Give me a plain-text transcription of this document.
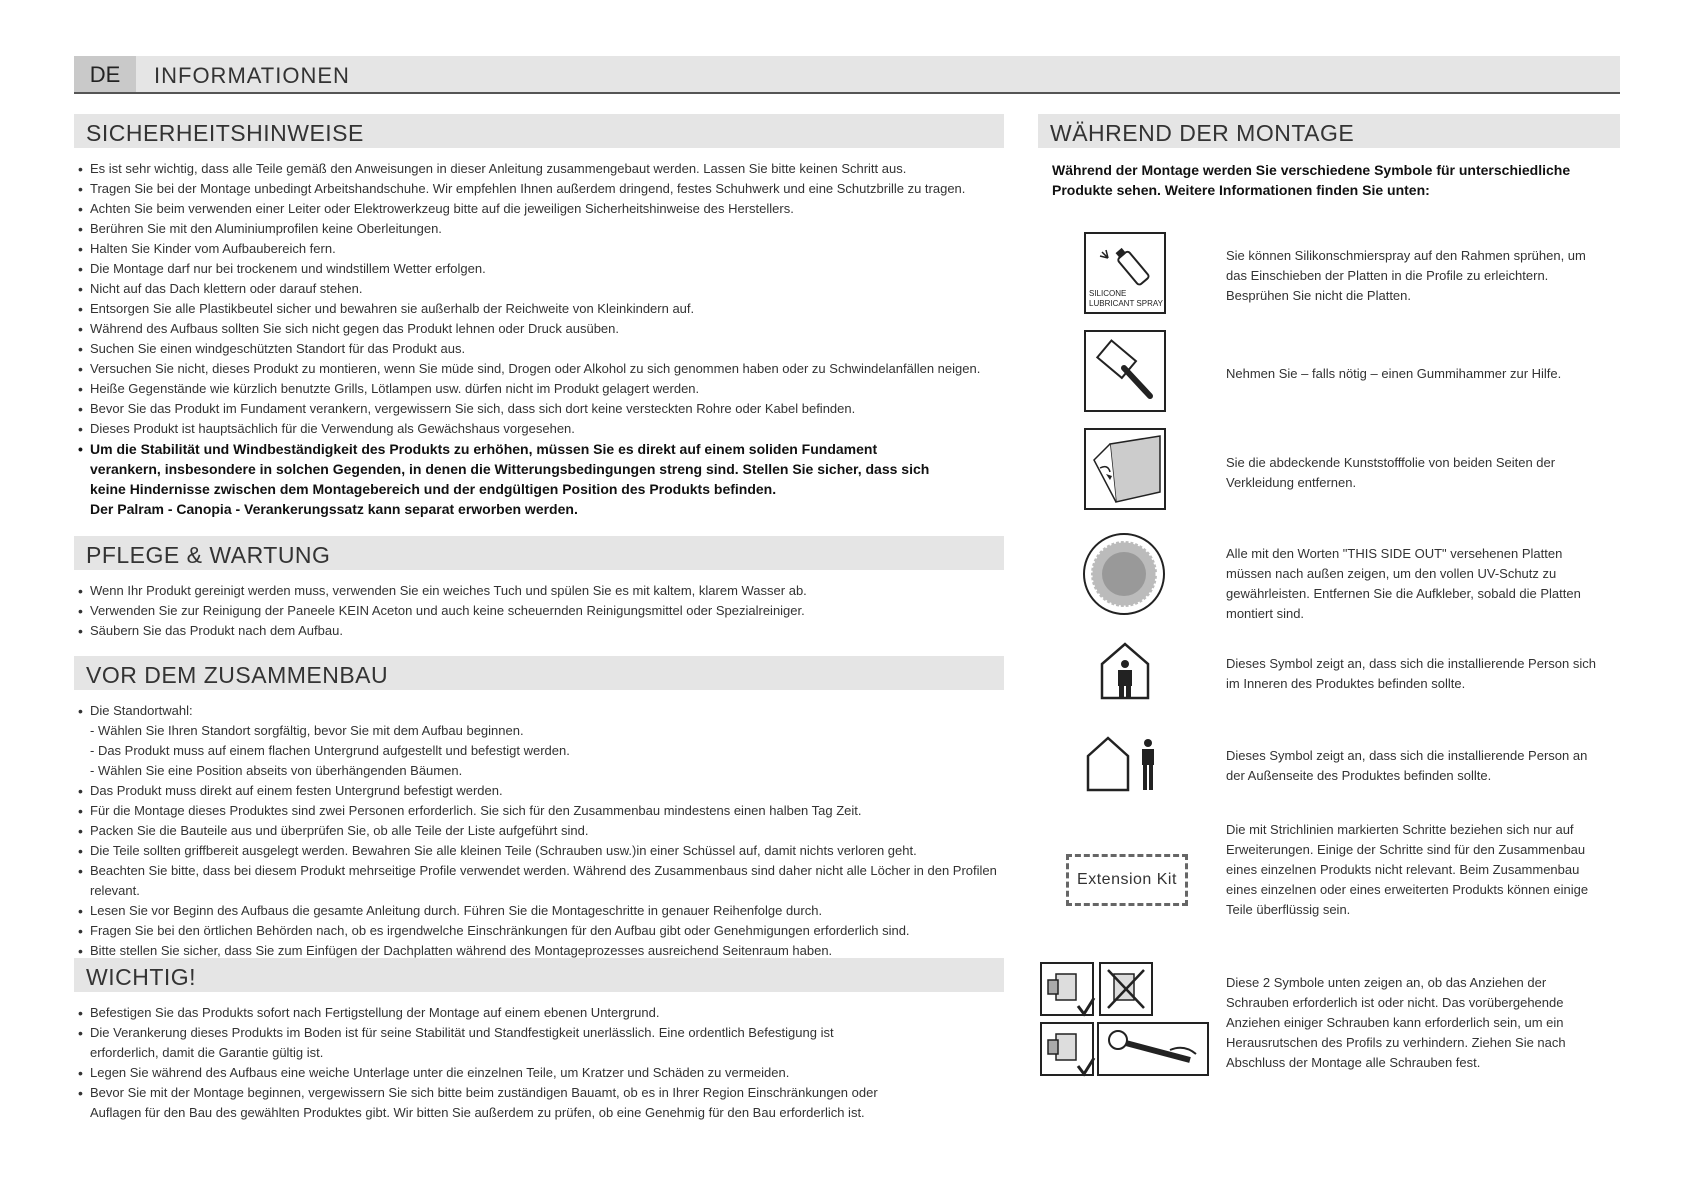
DE	INFORMATIONEN
SICHERHEITSHINWEISE
• Es ist sehr wichtig, dass alle Teile gemäß den Anweisungen in dieser Anleitung zusammengebaut werden. Lassen Sie bitte keinen Schritt aus.
• Tragen Sie bei der Montage unbedingt Arbeitshandschuhe. Wir empfehlen Ihnen außerdem dringend, festes Schuhwerk und eine Schutzbrille zu tragen.
• Achten Sie beim verwenden einer Leiter oder Elektrowerkzeug bitte auf die jeweiligen Sicherheitshinweise des Herstellers.
• Berühren Sie mit den Aluminiumprofilen keine Oberleitungen.
• Halten Sie Kinder vom Aufbaubereich fern.
• Die Montage darf nur bei trockenem und windstillem Wetter erfolgen.
• Nicht auf das Dach klettern oder darauf stehen.
• Entsorgen Sie alle Plastikbeutel sicher und bewahren sie außerhalb der Reichweite von Kleinkindern auf.
• Während des Aufbaus sollten Sie sich nicht gegen das Produkt lehnen oder Druck ausüben.
• Suchen Sie einen windgeschützten Standort für das Produkt aus.
• Versuchen Sie nicht, dieses Produkt zu montieren, wenn Sie müde sind, Drogen oder Alkohol zu sich genommen haben oder zu Schwindelanfällen neigen.
• Heiße Gegenstände wie kürzlich benutzte Grills, Lötlampen usw. dürfen nicht im Produkt gelagert werden.
• Bevor Sie das Produkt im Fundament verankern, vergewissern Sie sich, dass sich dort keine versteckten Rohre oder Kabel befinden.
• Dieses Produkt ist hauptsächlich für die Verwendung als Gewächshaus vorgesehen.
• Um die Stabilität und Windbeständigkeit des Produkts zu erhöhen, müssen Sie es direkt auf einem soliden Fundament verankern, insbesondere in solchen Gegenden, in denen die Witterungsbedingungen streng sind. Stellen Sie sicher, dass sich keine Hindernisse zwischen dem Montagebereich und der endgültigen Position des Produkts befinden.
Der Palram - Canopia - Verankerungssatz kann separat erworben werden.
PFLEGE & WARTUNG
• Wenn Ihr Produkt gereinigt werden muss, verwenden Sie ein weiches Tuch und spülen Sie es mit kaltem, klarem Wasser ab.
• Verwenden Sie zur Reinigung der Paneele KEIN Aceton und auch keine scheuernden Reinigungsmittel oder Spezialreiniger.
• Säubern Sie das Produkt nach dem Aufbau.
VOR DEM ZUSAMMENBAU
• Die Standortwahl:
- Wählen Sie Ihren Standort sorgfältig, bevor Sie mit dem Aufbau beginnen.
- Das Produkt muss auf einem flachen Untergrund aufgestellt und befestigt werden.
- Wählen Sie eine Position abseits von überhängenden Bäumen.
• Das Produkt muss direkt auf einem festen Untergrund befestigt werden.
• Für die Montage dieses Produktes sind zwei Personen erforderlich. Sie sich für den Zusammenbau mindestens einen halben Tag Zeit.
• Packen Sie die Bauteile aus und überprüfen Sie, ob alle Teile der Liste aufgeführt sind.
• Die Teile sollten griffbereit ausgelegt werden. Bewahren Sie alle kleinen Teile (Schrauben usw.)in einer Schüssel auf, damit nichts verloren geht.
• Beachten Sie bitte, dass bei diesem Produkt mehrseitige Profile verwendet werden. Während des Zusammenbaus sind daher nicht alle Löcher in den Profilen relevant.
• Lesen Sie vor Beginn des Aufbaus die gesamte Anleitung durch. Führen Sie die Montageschritte in genauer Reihenfolge durch.
• Fragen Sie bei den örtlichen Behörden nach, ob es irgendwelche Einschränkungen für den Aufbau gibt oder Genehmigungen erforderlich sind.
• Bitte stellen Sie sicher, dass Sie zum Einfügen der Dachplatten während des Montageprozesses ausreichend Seitenraum haben.
WICHTIG!
• Befestigen Sie das Produkts sofort nach Fertigstellung der Montage auf einem ebenen Untergrund.
• Die Verankerung dieses Produkts im Boden ist für seine Stabilität und Standfestigkeit unerlässlich. Eine ordentlich Befestigung ist erforderlich, damit die Garantie gültig ist.
• Legen Sie während des Aufbaus eine weiche Unterlage unter die einzelnen Teile, um Kratzer und Schäden zu vermeiden.
• Bevor Sie mit der Montage beginnen, vergewissern Sie sich bitte beim zuständigen Bauamt, ob es in Ihrer Region Einschränkungen oder Auflagen für den Bau des gewählten Produktes gibt. Wir bitten Sie außerdem zu prüfen, ob eine Genehmig für den Bau erforderlich ist.
WÄHREND DER MONTAGE
Während der Montage werden Sie verschiedene Symbole für unterschiedliche Produkte sehen. Weitere Informationen finden Sie unten:
SILICONE
LUBRICANT SPRAY
Sie können Silikonschmierspray auf den Rahmen sprühen, um das Einschieben der Platten in die Profile zu erleichtern. Besprühen Sie nicht die Platten.
Nehmen Sie – falls nötig – einen Gummihammer zur Hilfe.
Sie die abdeckende Kunststofffolie von beiden Seiten der Verkleidung entfernen.
Alle mit den Worten "THIS SIDE OUT" versehenen Platten müssen nach außen zeigen, um den vollen UV-Schutz zu gewährleisten. Entfernen Sie die Aufkleber, sobald die Platten montiert sind.
Dieses Symbol zeigt an, dass sich die installierende Person sich im Inneren des Produktes befinden sollte.
Dieses Symbol zeigt an, dass sich die installierende Person an der Außenseite des Produktes befinden sollte.
Extension Kit
Die mit Strichlinien markierten Schritte beziehen sich nur auf Erweiterungen. Einige der Schritte sind für den Zusammenbau eines einzelnen Produkts nicht relevant. Beim Zusammenbau eines einzelnen oder eines erweiterten Produkts können einige Teile überflüssig sein.
Diese 2 Symbole unten zeigen an, ob das Anziehen der Schrauben erforderlich ist oder nicht. Das vorübergehende Anziehen einiger Schrauben kann erforderlich sein, um ein Herausrutschen des Profils zu verhindern. Ziehen Sie nach Abschluss der Montage alle Schrauben fest.
